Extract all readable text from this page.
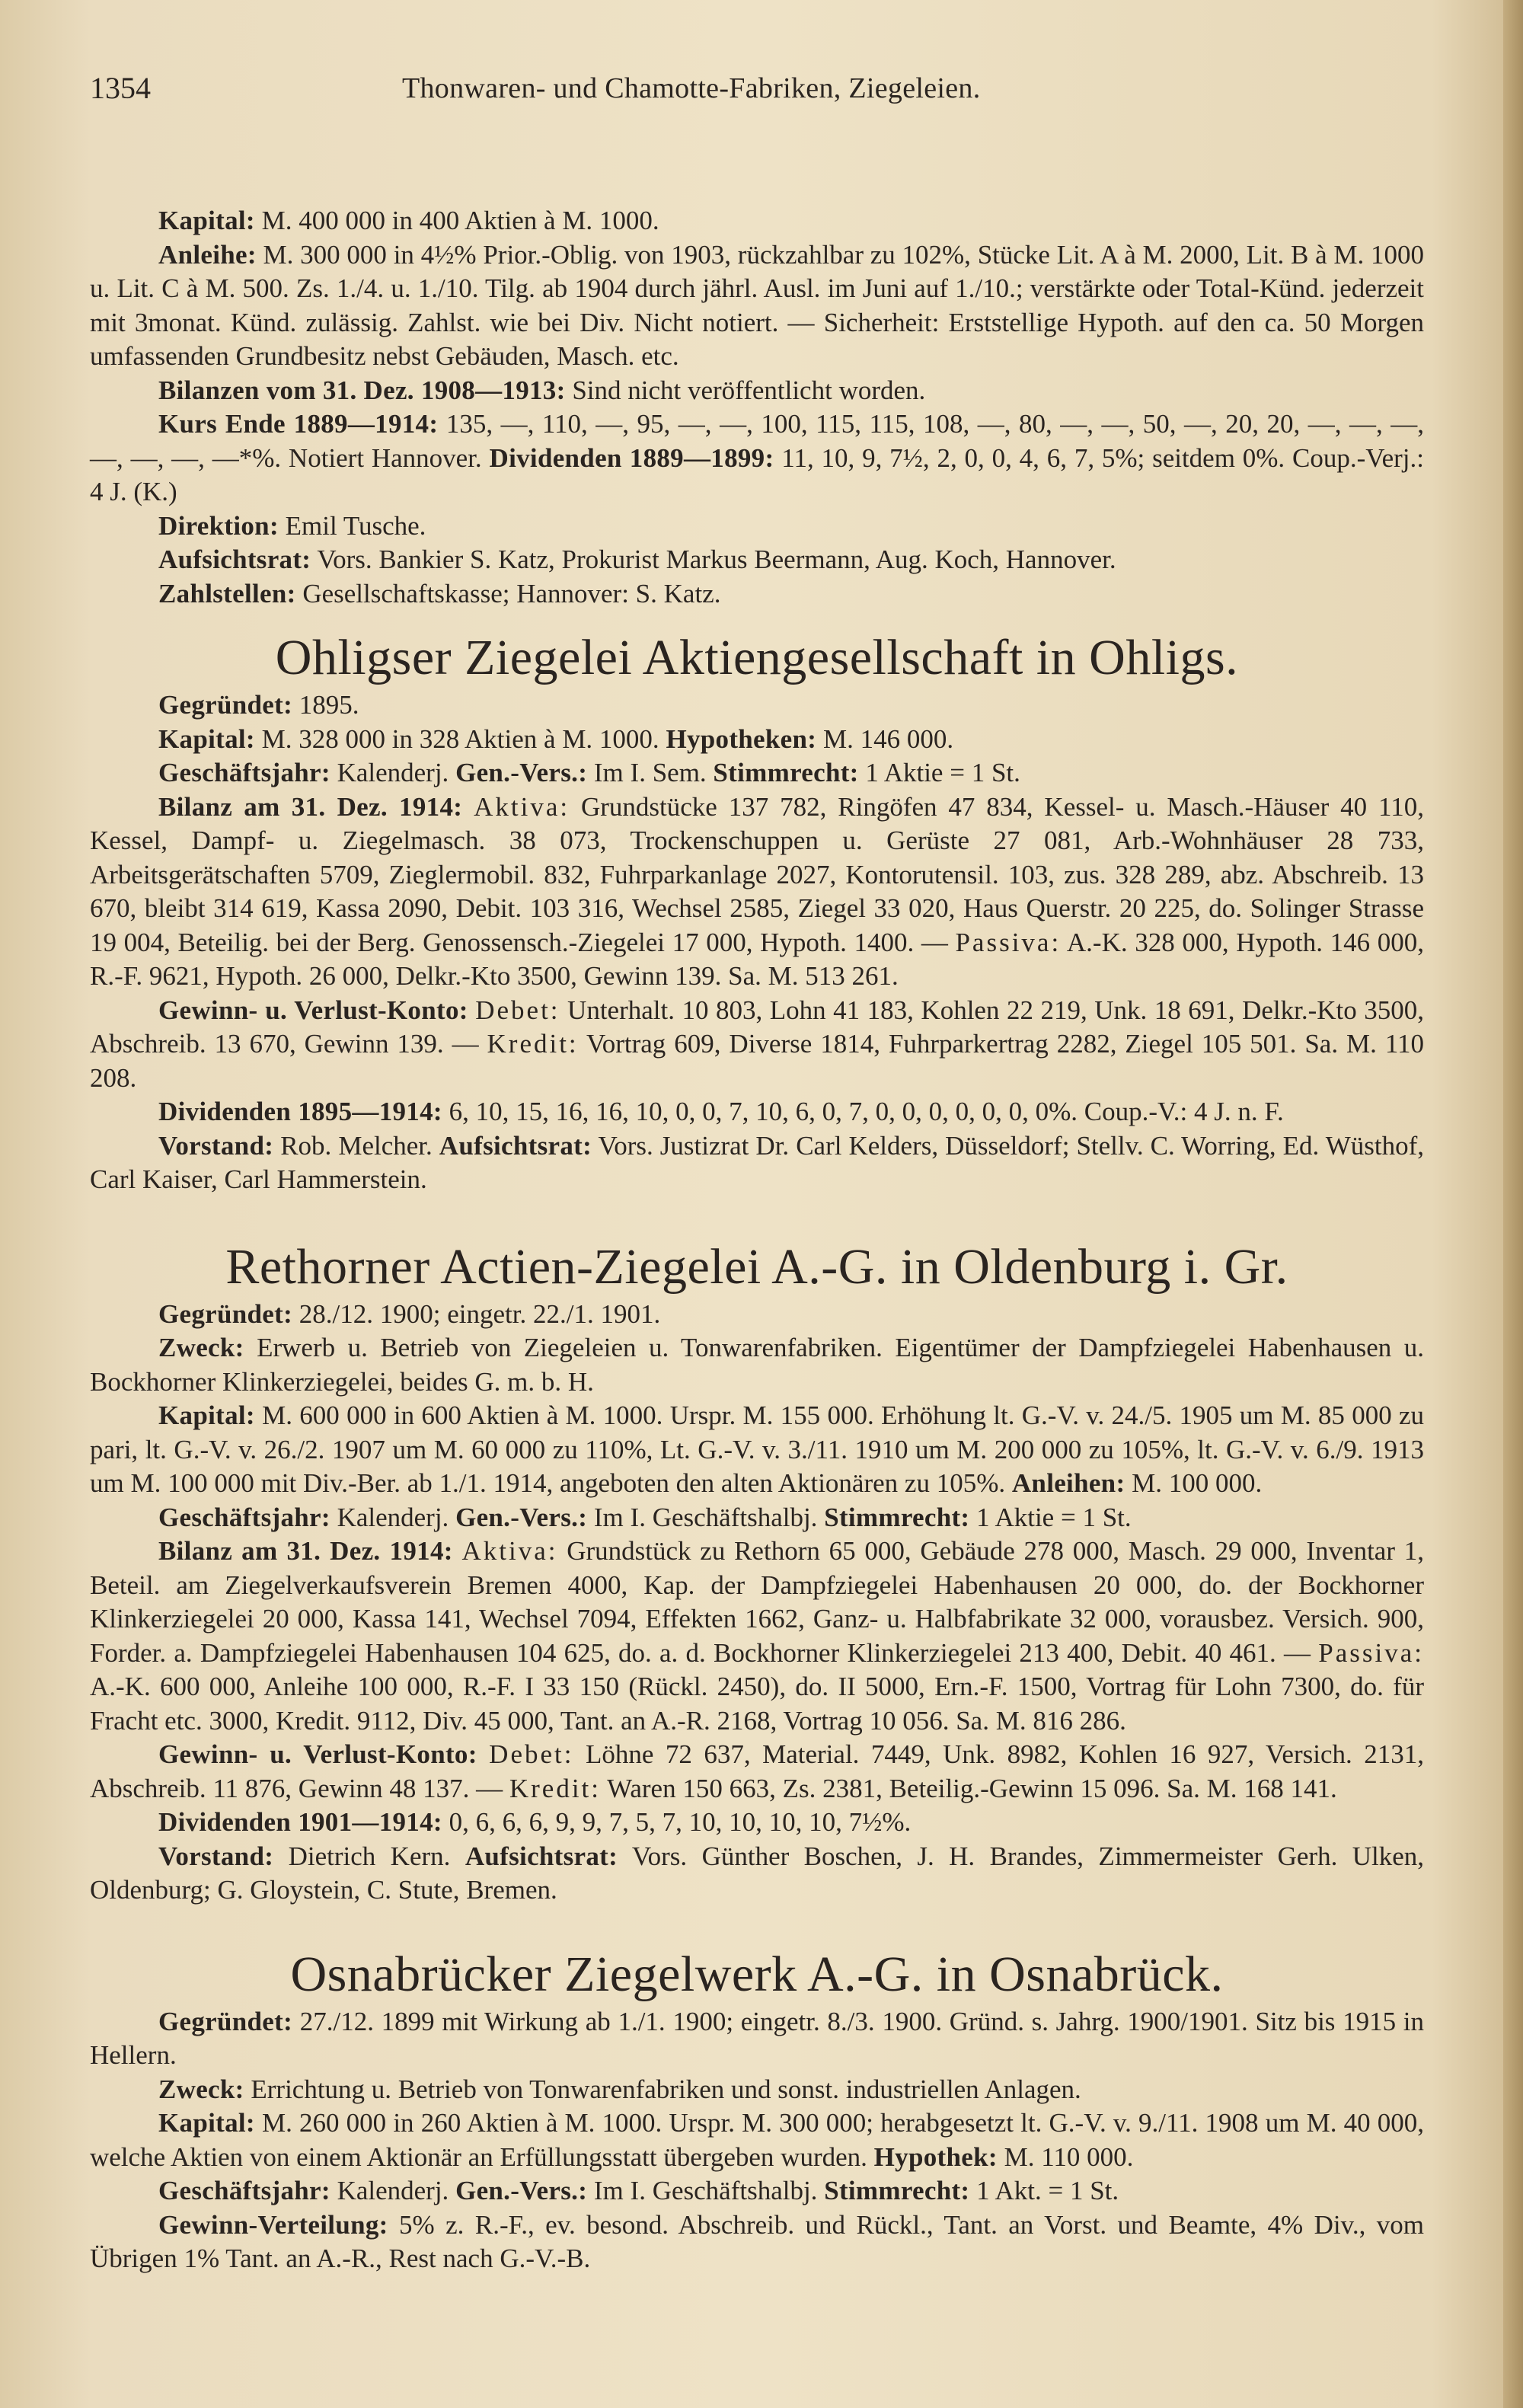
1354	Thonwaren- und Chamotte-Fabriken, Ziegeleien.

Kapital: M. 400 000 in 400 Aktien à M. 1000.

Anleihe: M. 300 000 in 4½% Prior.-Oblig. von 1903, rückzahlbar zu 102%, Stücke Lit. A à M. 2000, Lit. B à M. 1000 u. Lit. C à M. 500. Zs. 1./4. u. 1./10. Tilg. ab 1904 durch jährl. Ausl. im Juni auf 1./10.; verstärkte oder Total-Künd. jederzeit mit 3monat. Künd. zulässig. Zahlst. wie bei Div. Nicht notiert. — Sicherheit: Erststellige Hypoth. auf den ca. 50 Morgen umfassenden Grundbesitz nebst Gebäuden, Masch. etc.

Bilanzen vom 31. Dez. 1908—1913: Sind nicht veröffentlicht worden.

Kurs Ende 1889—1914: 135, —, 110, —, 95, —, —, 100, 115, 115, 108, —, 80, —, —, 50, —, 20, 20, —, —, —, —, —, —, —*%. Notiert Hannover. Dividenden 1889—1899: 11, 10, 9, 7½, 2, 0, 0, 4, 6, 7, 5%; seitdem 0%. Coup.-Verj.: 4 J. (K.)

Direktion: Emil Tusche.

Aufsichtsrat: Vors. Bankier S. Katz, Prokurist Markus Beermann, Aug. Koch, Hannover.

Zahlstellen: Gesellschaftskasse; Hannover: S. Katz.

Ohligser Ziegelei Aktiengesellschaft in Ohligs.

Gegründet: 1895.

Kapital: M. 328 000 in 328 Aktien à M. 1000. Hypotheken: M. 146 000.

Geschäftsjahr: Kalenderj. Gen.-Vers.: Im I. Sem. Stimmrecht: 1 Aktie = 1 St.

Bilanz am 31. Dez. 1914: Aktiva: Grundstücke 137 782, Ringöfen 47 834, Kessel- u. Masch.-Häuser 40 110, Kessel, Dampf- u. Ziegelmasch. 38 073, Trockenschuppen u. Gerüste 27 081, Arb.-Wohnhäuser 28 733, Arbeitsgerätschaften 5709, Zieglermobil. 832, Fuhrparkanlage 2027, Kontorutensil. 103, zus. 328 289, abz. Abschreib. 13 670, bleibt 314 619, Kassa 2090, Debit. 103 316, Wechsel 2585, Ziegel 33 020, Haus Querstr. 20 225, do. Solinger Strasse 19 004, Beteilig. bei der Berg. Genossensch.-Ziegelei 17 000, Hypoth. 1400. — Passiva: A.-K. 328 000, Hypoth. 146 000, R.-F. 9621, Hypoth. 26 000, Delkr.-Kto 3500, Gewinn 139. Sa. M. 513 261.

Gewinn- u. Verlust-Konto: Debet: Unterhalt. 10 803, Lohn 41 183, Kohlen 22 219, Unk. 18 691, Delkr.-Kto 3500, Abschreib. 13 670, Gewinn 139. — Kredit: Vortrag 609, Diverse 1814, Fuhrparkertrag 2282, Ziegel 105 501. Sa. M. 110 208.

Dividenden 1895—1914: 6, 10, 15, 16, 16, 10, 0, 0, 7, 10, 6, 0, 7, 0, 0, 0, 0, 0, 0, 0%. Coup.-V.: 4 J. n. F.

Vorstand: Rob. Melcher. Aufsichtsrat: Vors. Justizrat Dr. Carl Kelders, Düsseldorf; Stellv. C. Worring, Ed. Wüsthof, Carl Kaiser, Carl Hammerstein.

Rethorner Actien-Ziegelei A.-G. in Oldenburg i. Gr.

Gegründet: 28./12. 1900; eingetr. 22./1. 1901.

Zweck: Erwerb u. Betrieb von Ziegeleien u. Tonwarenfabriken. Eigentümer der Dampfziegelei Habenhausen u. Bockhorner Klinkerziegelei, beides G. m. b. H.

Kapital: M. 600 000 in 600 Aktien à M. 1000. Urspr. M. 155 000. Erhöhung lt. G.-V. v. 24./5. 1905 um M. 85 000 zu pari, lt. G.-V. v. 26./2. 1907 um M. 60 000 zu 110%, Lt. G.-V. v. 3./11. 1910 um M. 200 000 zu 105%, lt. G.-V. v. 6./9. 1913 um M. 100 000 mit Div.-Ber. ab 1./1. 1914, angeboten den alten Aktionären zu 105%. Anleihen: M. 100 000.

Geschäftsjahr: Kalenderj. Gen.-Vers.: Im I. Geschäftshalbj. Stimmrecht: 1 Aktie = 1 St.

Bilanz am 31. Dez. 1914: Aktiva: Grundstück zu Rethorn 65 000, Gebäude 278 000, Masch. 29 000, Inventar 1, Beteil. am Ziegelverkaufsverein Bremen 4000, Kap. der Dampfziegelei Habenhausen 20 000, do. der Bockhorner Klinkerziegelei 20 000, Kassa 141, Wechsel 7094, Effekten 1662, Ganz- u. Halbfabrikate 32 000, vorausbez. Versich. 900, Forder. a. Dampfziegelei Habenhausen 104 625, do. a. d. Bockhorner Klinkerziegelei 213 400, Debit. 40 461. — Passiva: A.-K. 600 000, Anleihe 100 000, R.-F. I 33 150 (Rückl. 2450), do. II 5000, Ern.-F. 1500, Vortrag für Lohn 7300, do. für Fracht etc. 3000, Kredit. 9112, Div. 45 000, Tant. an A.-R. 2168, Vortrag 10 056. Sa. M. 816 286.

Gewinn- u. Verlust-Konto: Debet: Löhne 72 637, Material. 7449, Unk. 8982, Kohlen 16 927, Versich. 2131, Abschreib. 11 876, Gewinn 48 137. — Kredit: Waren 150 663, Zs. 2381, Beteilig.-Gewinn 15 096. Sa. M. 168 141.

Dividenden 1901—1914: 0, 6, 6, 6, 9, 9, 7, 5, 7, 10, 10, 10, 10, 7½%.

Vorstand: Dietrich Kern. Aufsichtsrat: Vors. Günther Boschen, J. H. Brandes, Zimmermeister Gerh. Ulken, Oldenburg; G. Gloystein, C. Stute, Bremen.

Osnabrücker Ziegelwerk A.-G. in Osnabrück.

Gegründet: 27./12. 1899 mit Wirkung ab 1./1. 1900; eingetr. 8./3. 1900. Gründ. s. Jahrg. 1900/1901. Sitz bis 1915 in Hellern.

Zweck: Errichtung u. Betrieb von Tonwarenfabriken und sonst. industriellen Anlagen.

Kapital: M. 260 000 in 260 Aktien à M. 1000. Urspr. M. 300 000; herabgesetzt lt. G.-V. v. 9./11. 1908 um M. 40 000, welche Aktien von einem Aktionär an Erfüllungsstatt übergeben wurden. Hypothek: M. 110 000.

Geschäftsjahr: Kalenderj. Gen.-Vers.: Im I. Geschäftshalbj. Stimmrecht: 1 Akt. = 1 St.

Gewinn-Verteilung: 5% z. R.-F., ev. besond. Abschreib. und Rückl., Tant. an Vorst. und Beamte, 4% Div., vom Übrigen 1% Tant. an A.-R., Rest nach G.-V.-B.
